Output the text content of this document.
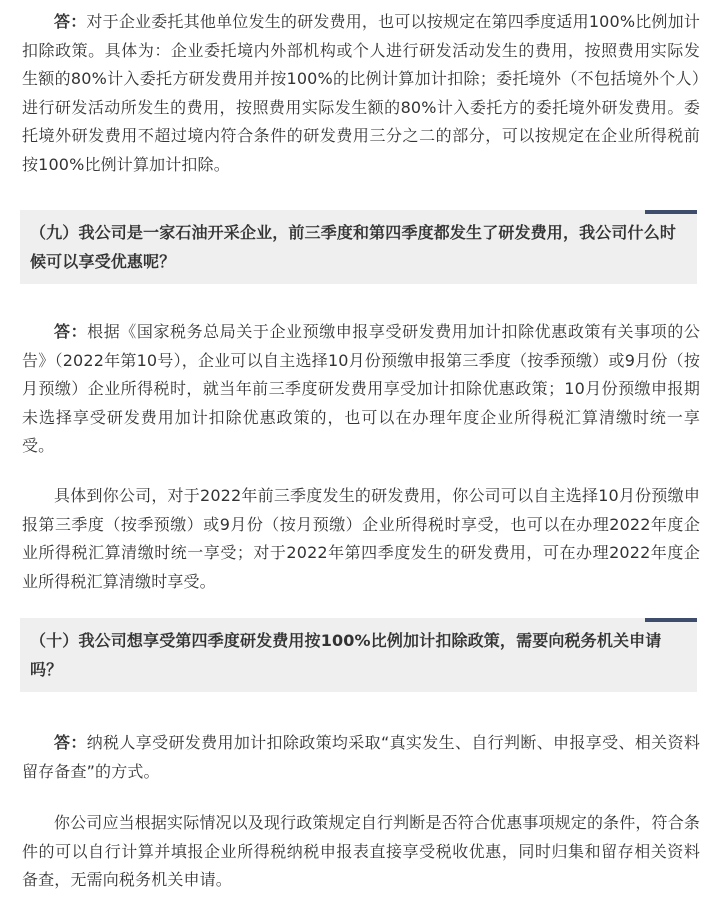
答：对于企业委托其他单位发生的研发费用，也可以按规定在第四季度适用100%比例加计扣除政策。具体为：企业委托境内外部机构或个人进行研发活动发生的费用，按照费用实际发生额的80%计入委托方研发费用并按100%的比例计算加计扣除；委托境外（不包括境外个人）进行研发活动所发生的费用，按照费用实际发生额的80%计入委托方的委托境外研发费用。委托境外研发费用不超过境内符合条件的研发费用三分之二的部分，可以按规定在企业所得税前按100%比例计算加计扣除。

（九）我公司是一家石油开采企业，前三季度和第四季度都发生了研发费用，我公司什么时候可以享受优惠呢？

答：根据《国家税务总局关于企业预缴申报享受研发费用加计扣除优惠政策有关事项的公告》（2022年第10号），企业可以自主选择10月份预缴申报第三季度（按季预缴）或9月份（按月预缴）企业所得税时，就当年前三季度研发费用享受加计扣除优惠政策；10月份预缴申报期未选择享受研发费用加计扣除优惠政策的，也可以在办理年度企业所得税汇算清缴时统一享受。

具体到你公司，对于2022年前三季度发生的研发费用，你公司可以自主选择10月份预缴申报第三季度（按季预缴）或9月份（按月预缴）企业所得税时享受，也可以在办理2022年度企业所得税汇算清缴时统一享受；对于2022年第四季度发生的研发费用，可在办理2022年度企业所得税汇算清缴时享受。

（十）我公司想享受第四季度研发费用按100%比例加计扣除政策，需要向税务机关申请吗？

答：纳税人享受研发费用加计扣除政策均采取“真实发生、自行判断、申报享受、相关资料留存备查”的方式。

你公司应当根据实际情况以及现行政策规定自行判断是否符合优惠事项规定的条件，符合条件的可以自行计算并填报企业所得税纳税申报表直接享受税收优惠，同时归集和留存相关资料备查，无需向税务机关申请。
